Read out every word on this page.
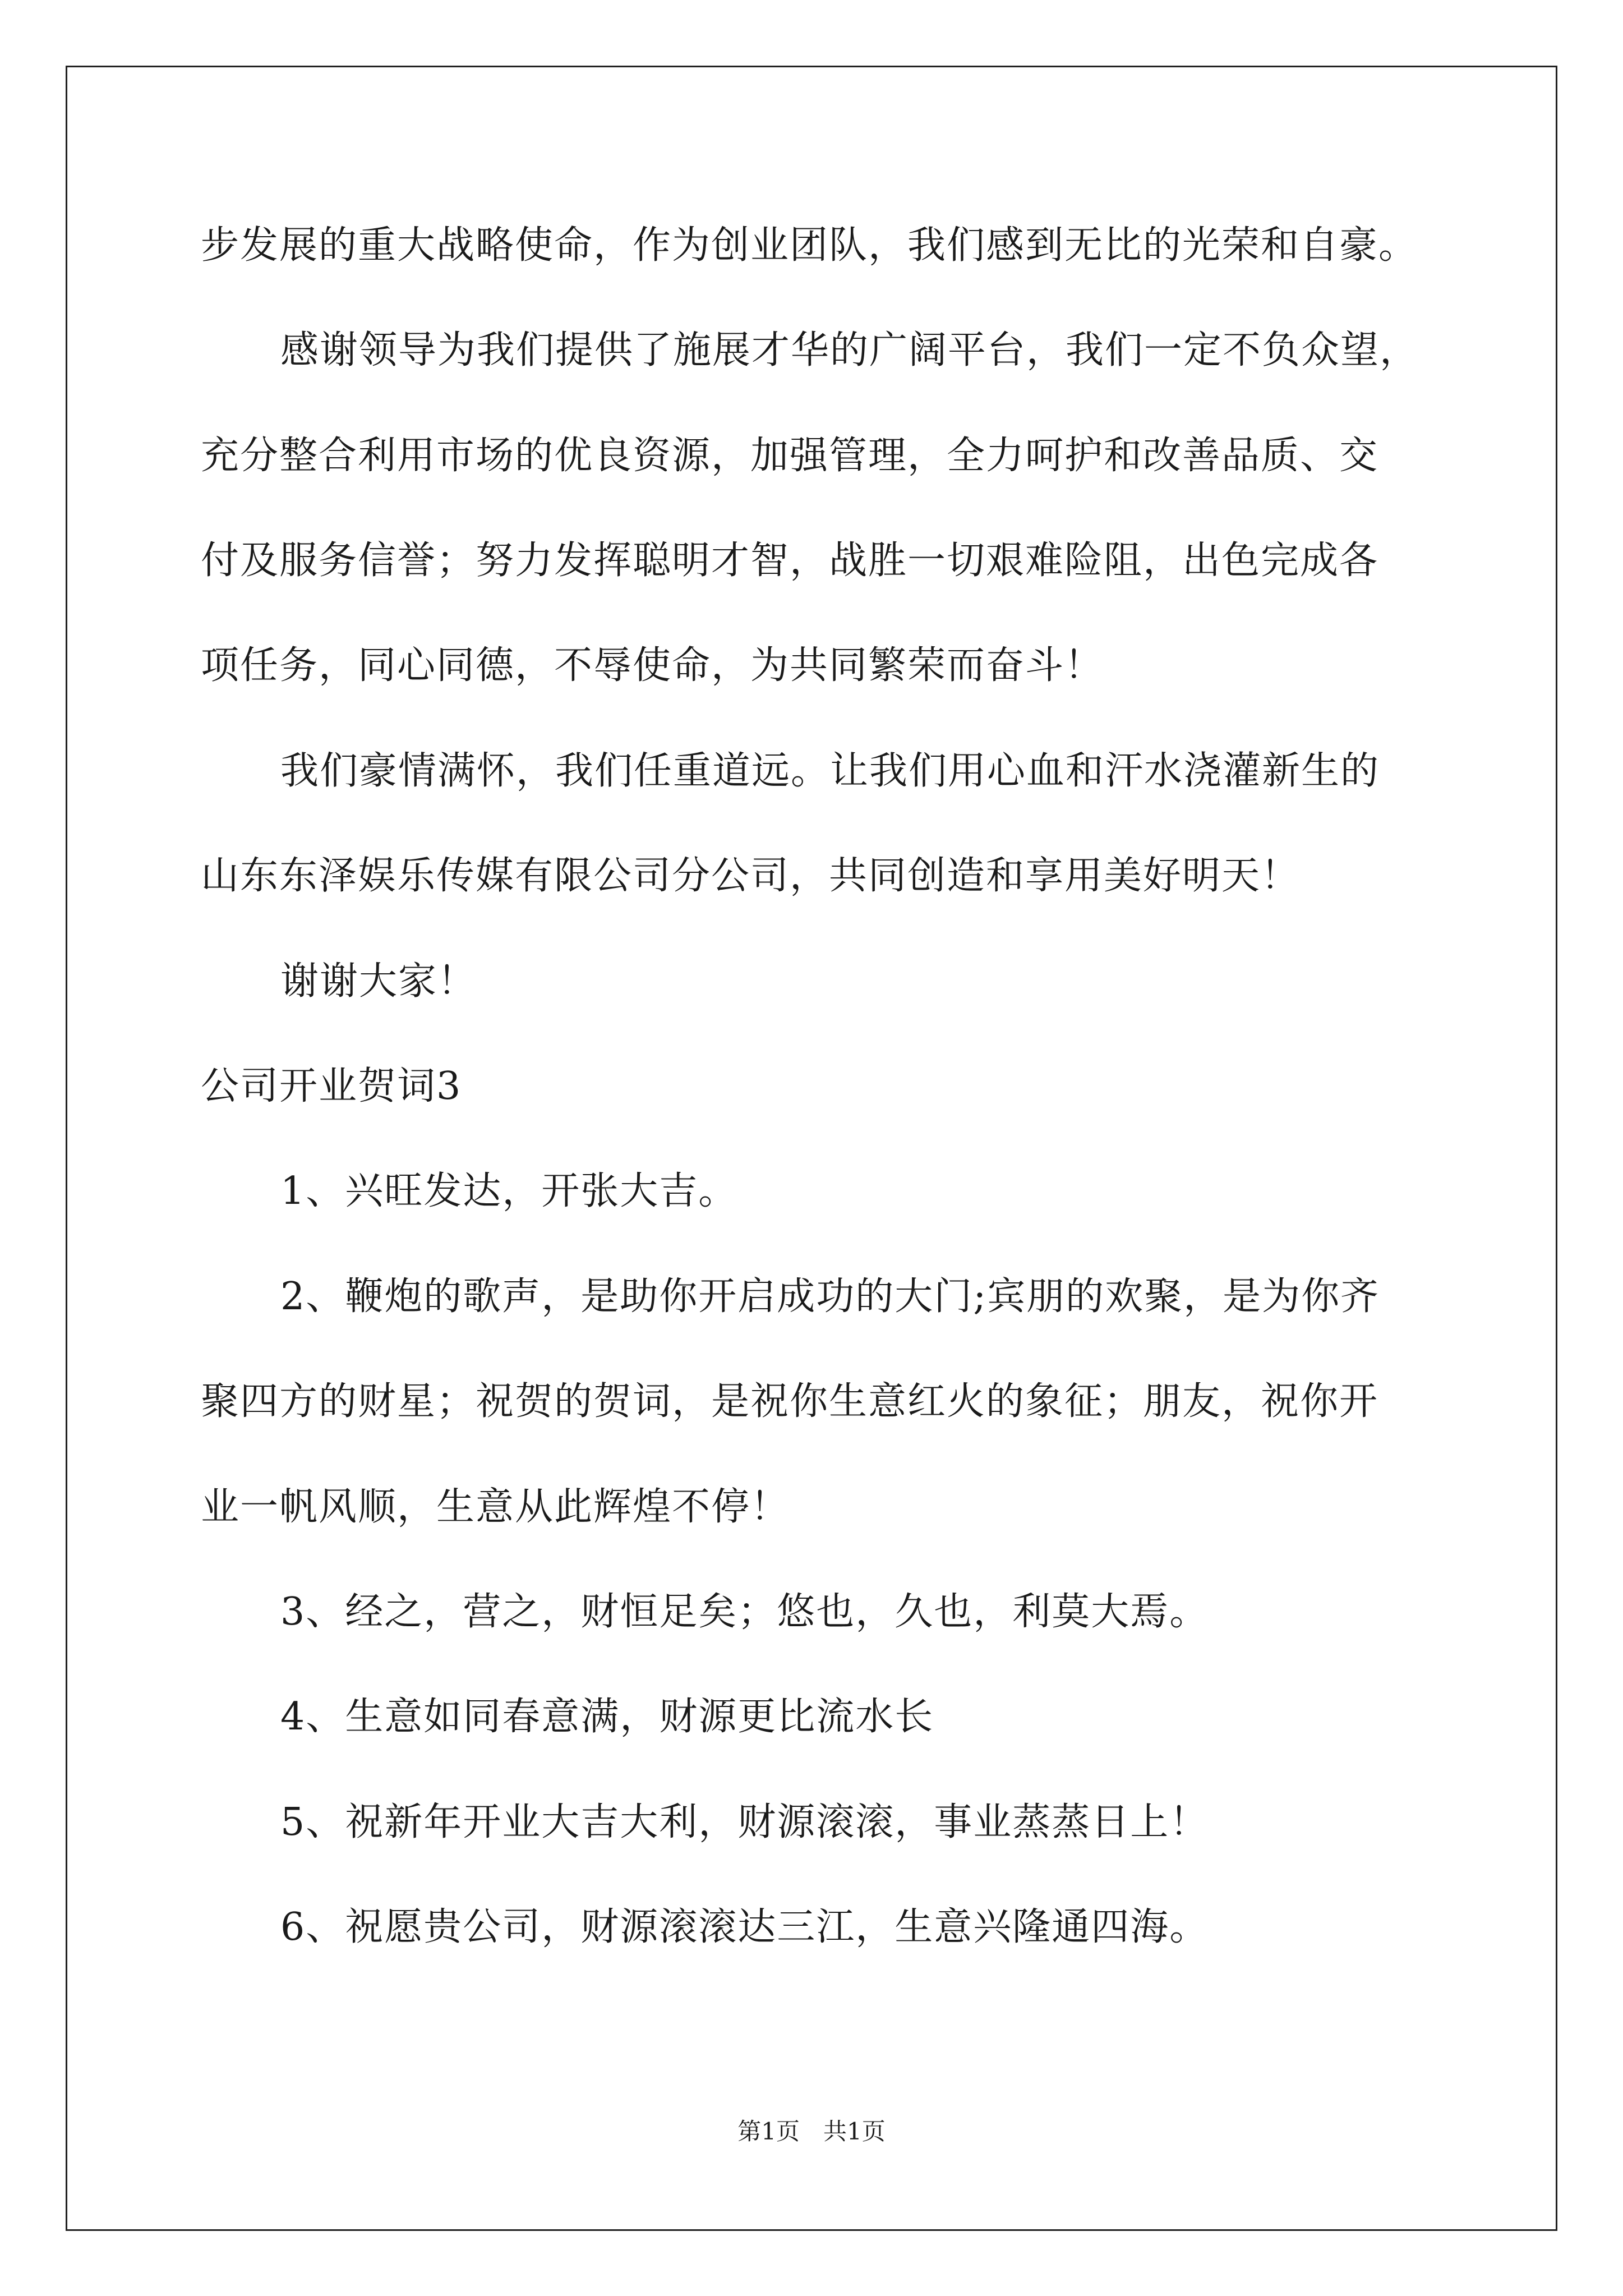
步发展的重大战略使命，作为创业团队，我们感到无比的光荣和自豪。
感谢领导为我们提供了施展才华的广阔平台，我们一定不负众望，
充分整合利用市场的优良资源，加强管理，全力呵护和改善品质、交
付及服务信誉；努力发挥聪明才智，战胜一切艰难险阻，出色完成各
项任务，同心同德，不辱使命，为共同繁荣而奋斗！
我们豪情满怀，我们任重道远。让我们用心血和汗水浇灌新生的
山东东泽娱乐传媒有限公司分公司，共同创造和享用美好明天！
谢谢大家！
公司开业贺词3
1、兴旺发达，开张大吉。
2、鞭炮的歌声，是助你开启成功的大门;宾朋的欢聚，是为你齐
聚四方的财星；祝贺的贺词，是祝你生意红火的象征；朋友，祝你开
业一帆风顺，生意从此辉煌不停！
3、经之，营之，财恒足矣；悠也，久也，利莫大焉。
4、生意如同春意满，财源更比流水长
5、祝新年开业大吉大利，财源滚滚，事业蒸蒸日上！
6、祝愿贵公司，财源滚滚达三江，生意兴隆通四海。
第1页　共1页
